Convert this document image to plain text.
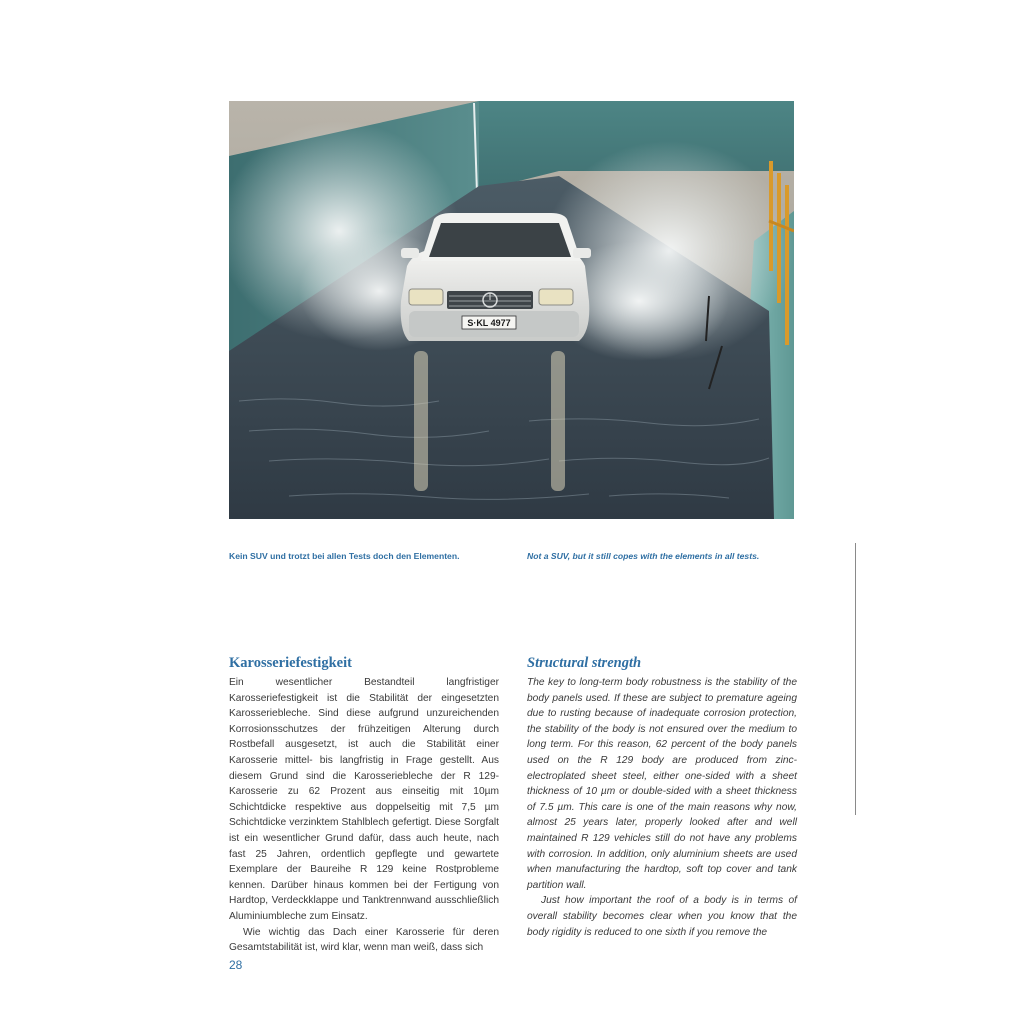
S·KL 4977
Kein SUV und trotzt bei allen Tests doch den Elementen.	Not a SUV, but it still copes with the elements in all tests.
Karosseriefestigkeit

Ein wesentlicher Bestandteil langfristiger Karosseriefestigkeit ist die Stabilität der eingesetzten Karosseriebleche. Sind diese aufgrund unzureichenden Korrosionsschutzes der frühzeitigen Alterung durch Rostbefall ausgesetzt, ist auch die Stabilität einer Karosserie mittel- bis langfristig in Frage gestellt. Aus diesem Grund sind die Karosseriebleche der R 129-Karosserie zu 62 Prozent aus einseitig mit 10µm Schichtdicke respektive aus doppelseitig mit 7,5 µm Schichtdicke verzinktem Stahlblech gefertigt. Diese Sorgfalt ist ein wesentlicher Grund dafür, dass auch heute, nach fast 25 Jahren, ordentlich gepflegte und gewartete Exemplare der Baureihe R 129 keine Rostprobleme kennen. Darüber hinaus kommen bei der Fertigung von Hardtop, Verdeckklappe und Tanktrennwand ausschließlich Aluminiumbleche zum Einsatz.

Wie wichtig das Dach einer Karosserie für deren Gesamtstabilität ist, wird klar, wenn man weiß, dass sich

Structural strength

The key to long-term body robustness is the stability of the body panels used. If these are subject to premature ageing due to rusting because of inadequate corrosion protection, the stability of the body is not ensured over the medium to long term. For this reason, 62 percent of the body panels used on the R 129 body are produced from zinc-electroplated sheet steel, either one-sided with a sheet thickness of 10 µm or double-sided with a sheet thickness of 7.5 µm. This care is one of the main reasons why now, almost 25 years later, properly looked after and well maintained R 129 vehicles still do not have any problems with corrosion. In addition, only aluminium sheets are used when manufacturing the hardtop, soft top cover and tank partition wall.

Just how important the roof of a body is in terms of overall stability becomes clear when you know that the body rigidity is reduced to one sixth if you remove the

28
